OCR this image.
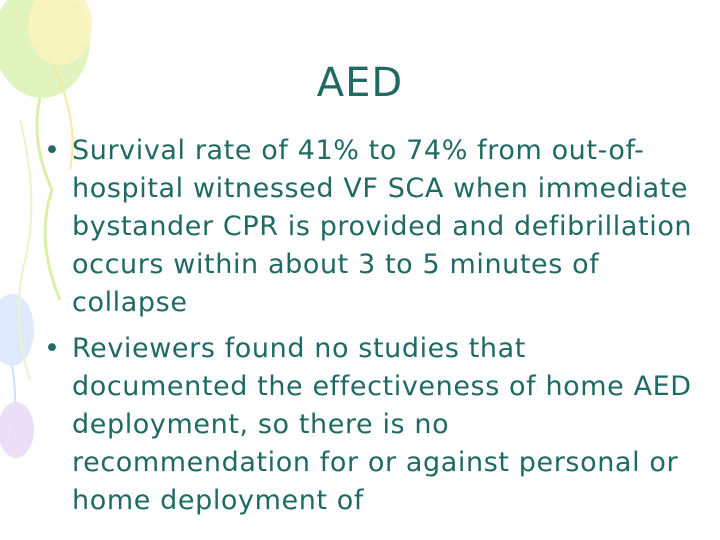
AED
• Survival rate of 41% to 74% from out-of-hospital witnessed VF SCA when immediate bystander CPR is provided and defibrillation occurs within about 3 to 5 minutes of collapse
• Reviewers found no studies that documented the effectiveness of home AED deployment, so there is no recommendation for or against personal or home deployment of
